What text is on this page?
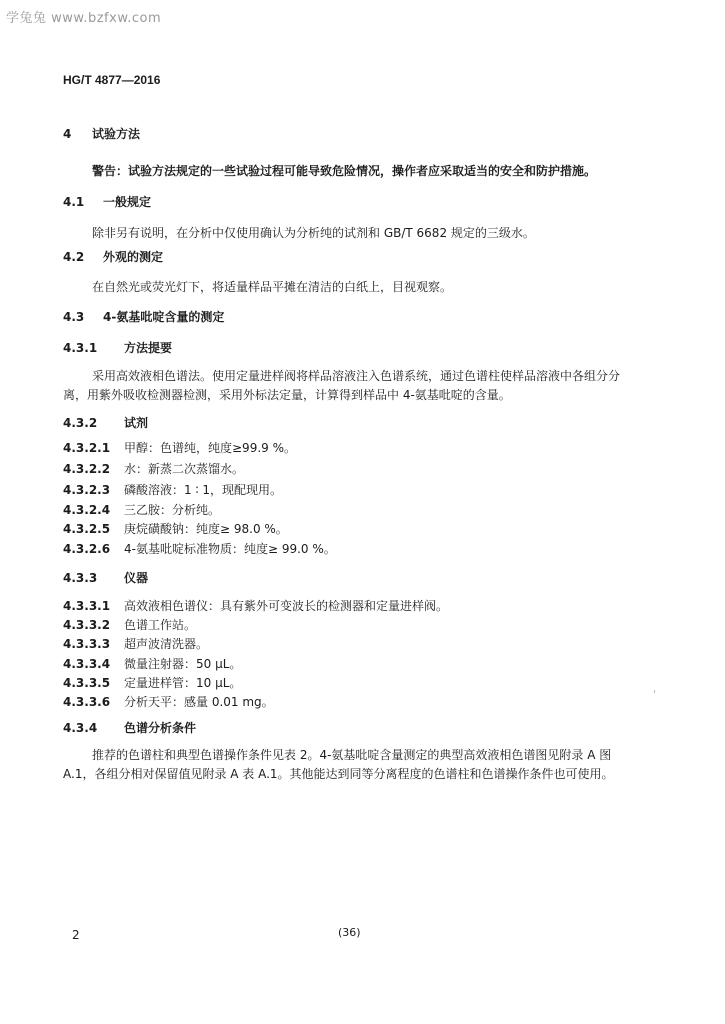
学兔兔 www.bzfxw.com
HG/T 4877—2016
4 试验方法
警告：试验方法规定的一些试验过程可能导致危险情况，操作者应采取适当的安全和防护措施。
4.1 一般规定
除非另有说明，在分析中仅使用确认为分析纯的试剂和 GB/T 6682 规定的三级水。
4.2 外观的测定
在自然光或荧光灯下，将适量样品平摊在清洁的白纸上，目视观察。
4.3 4-氨基吡啶含量的测定
4.3.1 方法提要
采用高效液相色谱法。使用定量进样阀将样品溶液注入色谱系统，通过色谱柱使样品溶液中各组分分离，用紫外吸收检测器检测，采用外标法定量，计算得到样品中 4-氨基吡啶的含量。
4.3.2 试剂
4.3.2.1 甲醇：色谱纯，纯度≥99.9 %。
4.3.2.2 水：新蒸二次蒸馏水。
4.3.2.3 磷酸溶液：1 ∶ 1，现配现用。
4.3.2.4 三乙胺：分析纯。
4.3.2.5 庚烷磺酸钠：纯度≥ 98.0 %。
4.3.2.6 4-氨基吡啶标准物质：纯度≥ 99.0 %。
4.3.3 仪器
4.3.3.1 高效液相色谱仪：具有紫外可变波长的检测器和定量进样阀。
4.3.3.2 色谱工作站。
4.3.3.3 超声波清洗器。
4.3.3.4 微量注射器：50 μL。
4.3.3.5 定量进样管：10 μL。
4.3.3.6 分析天平：感量 0.01 mg。
4.3.4 色谱分析条件
推荐的色谱柱和典型色谱操作条件见表 2。4-氨基吡啶含量测定的典型高效液相色谱图见附录 A 图 A.1，各组分相对保留值见附录 A 表 A.1。其他能达到同等分离程度的色谱柱和色谱操作条件也可使用。
2	(36)
